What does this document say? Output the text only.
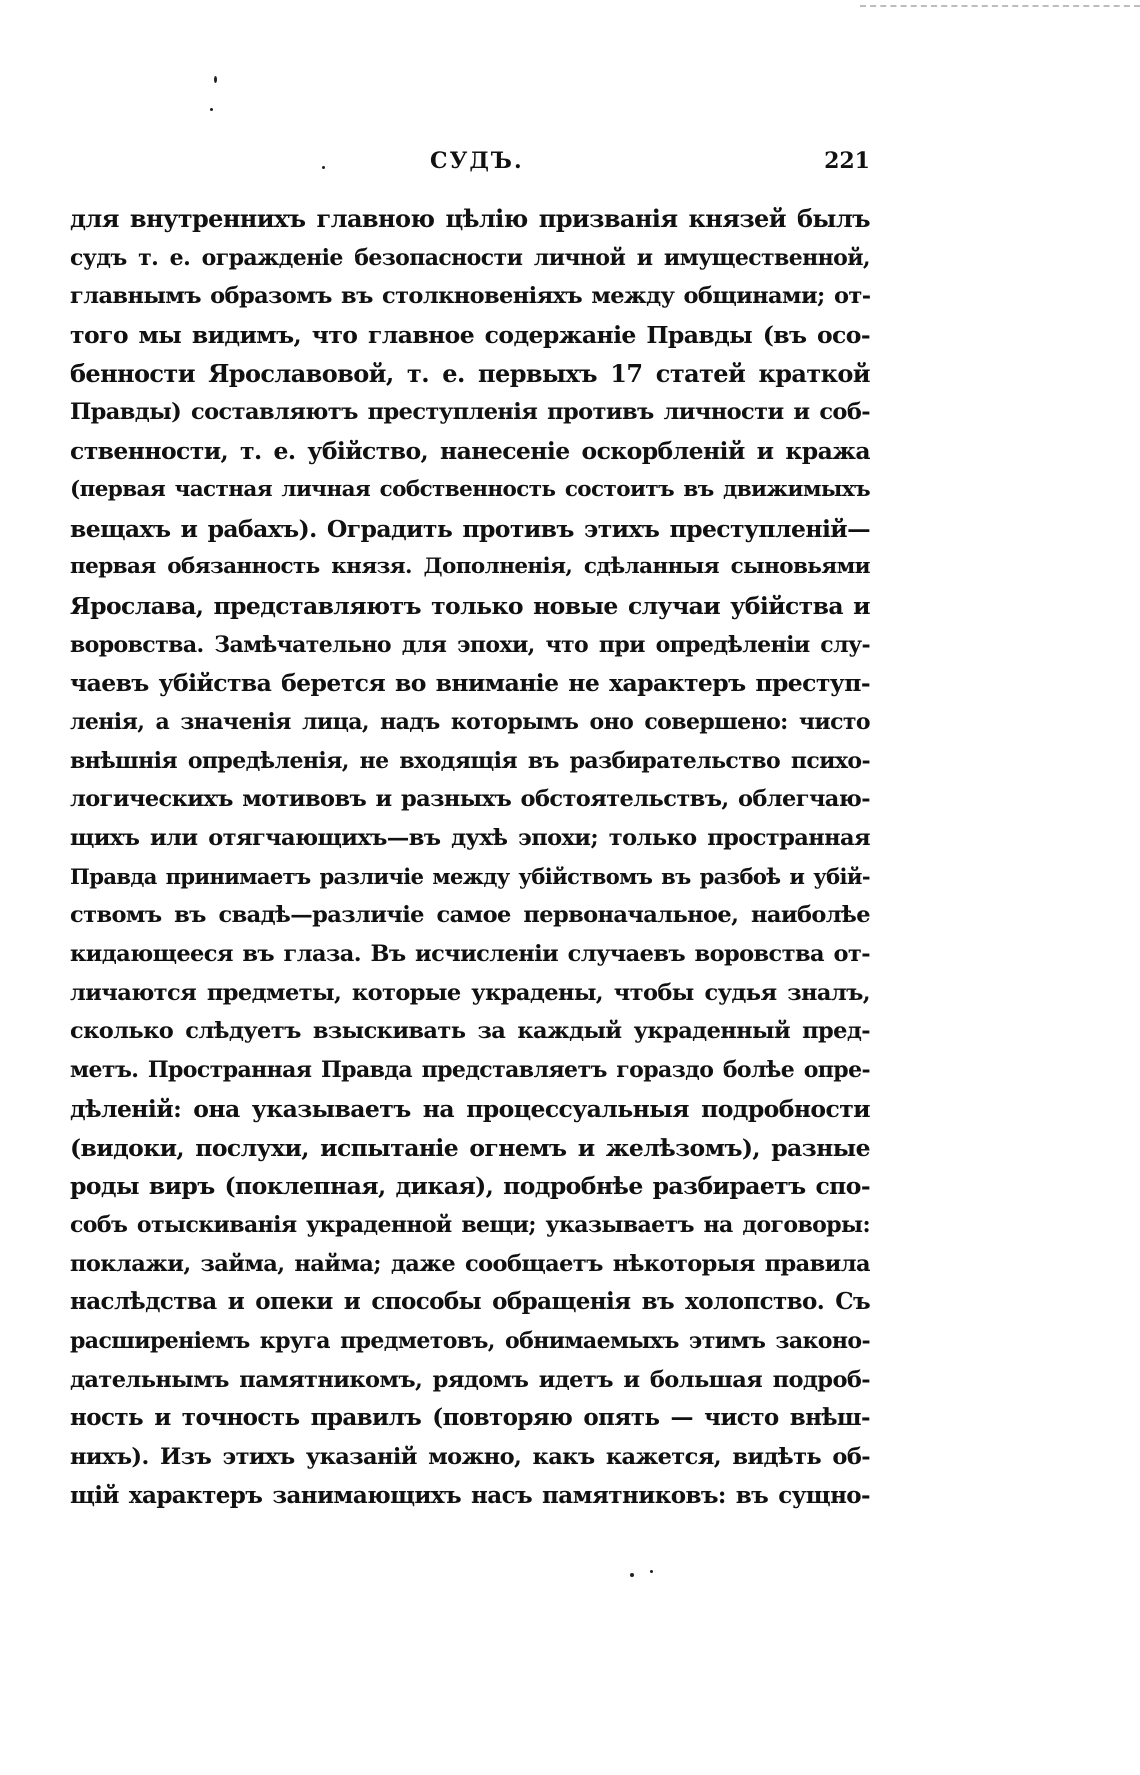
СУДЪ.	221
для внутреннихъ главною цѣлію призванія князей былъ
судъ т. е. огражденіе безопасности личной и имущественной,
главнымъ образомъ въ столкновеніяхъ между общинами; от-
того мы видимъ, что главное содержаніе Правды (въ осо-
бенности Ярославовой, т. е. первыхъ 17 статей краткой
Правды) составляютъ преступленія противъ личности и соб-
ственности, т. е. убійство, нанесеніе оскорбленій и кража
(первая частная личная собственность состоитъ въ движимыхъ
вещахъ и рабахъ). Оградить противъ этихъ преступленій—
первая обязанность князя. Дополненія, сдѣланныя сыновьями
Ярослава, представляютъ только новые случаи убійства и
воровства. Замѣчательно для эпохи, что при опредѣленіи слу-
чаевъ убійства берется во вниманіе не характеръ преступ-
ленія, а значенія лица, надъ которымъ оно совершено: чисто
внѣшнія опредѣленія, не входящія въ разбирательство психо-
логическихъ мотивовъ и разныхъ обстоятельствъ, облегчаю-
щихъ или отягчающихъ—въ духѣ эпохи; только пространная
Правда принимаетъ различіе между убійствомъ въ разбоѣ и убій-
ствомъ въ свадѣ—различіе самое первоначальное, наиболѣе
кидающееся въ глаза. Въ исчисленіи случаевъ воровства от-
личаются предметы, которые украдены, чтобы судья зналъ,
сколько слѣдуетъ взыскивать за каждый украденный пред-
метъ. Пространная Правда представляетъ гораздо болѣе опре-
дѣленій: она указываетъ на процессуальныя подробности
(видоки, послухи, испытаніе огнемъ и желѣзомъ), разные
роды виръ (поклепная, дикая), подробнѣе разбираетъ спо-
собъ отыскиванія украденной вещи; указываетъ на договоры:
поклажи, займа, найма; даже сообщаетъ нѣкоторыя правила
наслѣдства и опеки и способы обращенія въ холопство. Съ
расширеніемъ круга предметовъ, обнимаемыхъ этимъ законо-
дательнымъ памятникомъ, рядомъ идетъ и большая подроб-
ность и точность правилъ (повторяю опять — чисто внѣш-
нихъ). Изъ этихъ указаній можно, какъ кажется, видѣть об-
щій характеръ занимающихъ насъ памятниковъ: въ сущно-
